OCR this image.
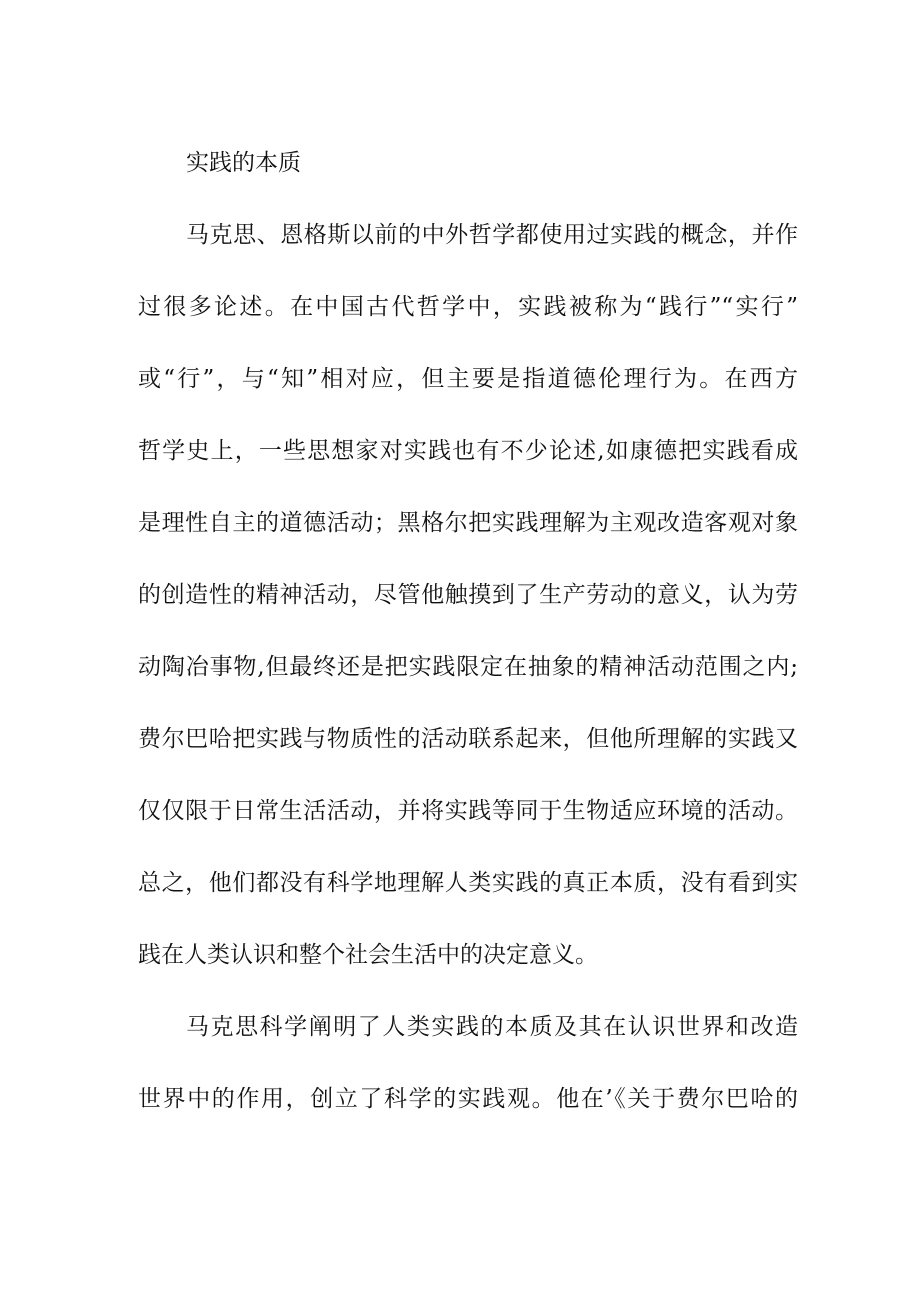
实践的本质
马克思、恩格斯以前的中外哲学都使用过实践的概念，并作
过很多论述。在中国古代哲学中，实践被称为“践行”“实行”
或“行”，与“知”相对应，但主要是指道德伦理行为。在西方
哲学史上，一些思想家对实践也有不少论述,如康德把实践看成
是理性自主的道德活动；黑格尔把实践理解为主观改造客观对象
的创造性的精神活动，尽管他触摸到了生产劳动的意义，认为劳
动陶冶事物,但最终还是把实践限定在抽象的精神活动范围之内;
费尔巴哈把实践与物质性的活动联系起来，但他所理解的实践又
仅仅限于日常生活活动，并将实践等同于生物适应环境的活动。
总之，他们都没有科学地理解人类实践的真正本质，没有看到实
践在人类认识和整个社会生活中的决定意义。
马克思科学阐明了人类实践的本质及其在认识世界和改造
世界中的作用，创立了科学的实践观。他在’《关于费尔巴哈的
